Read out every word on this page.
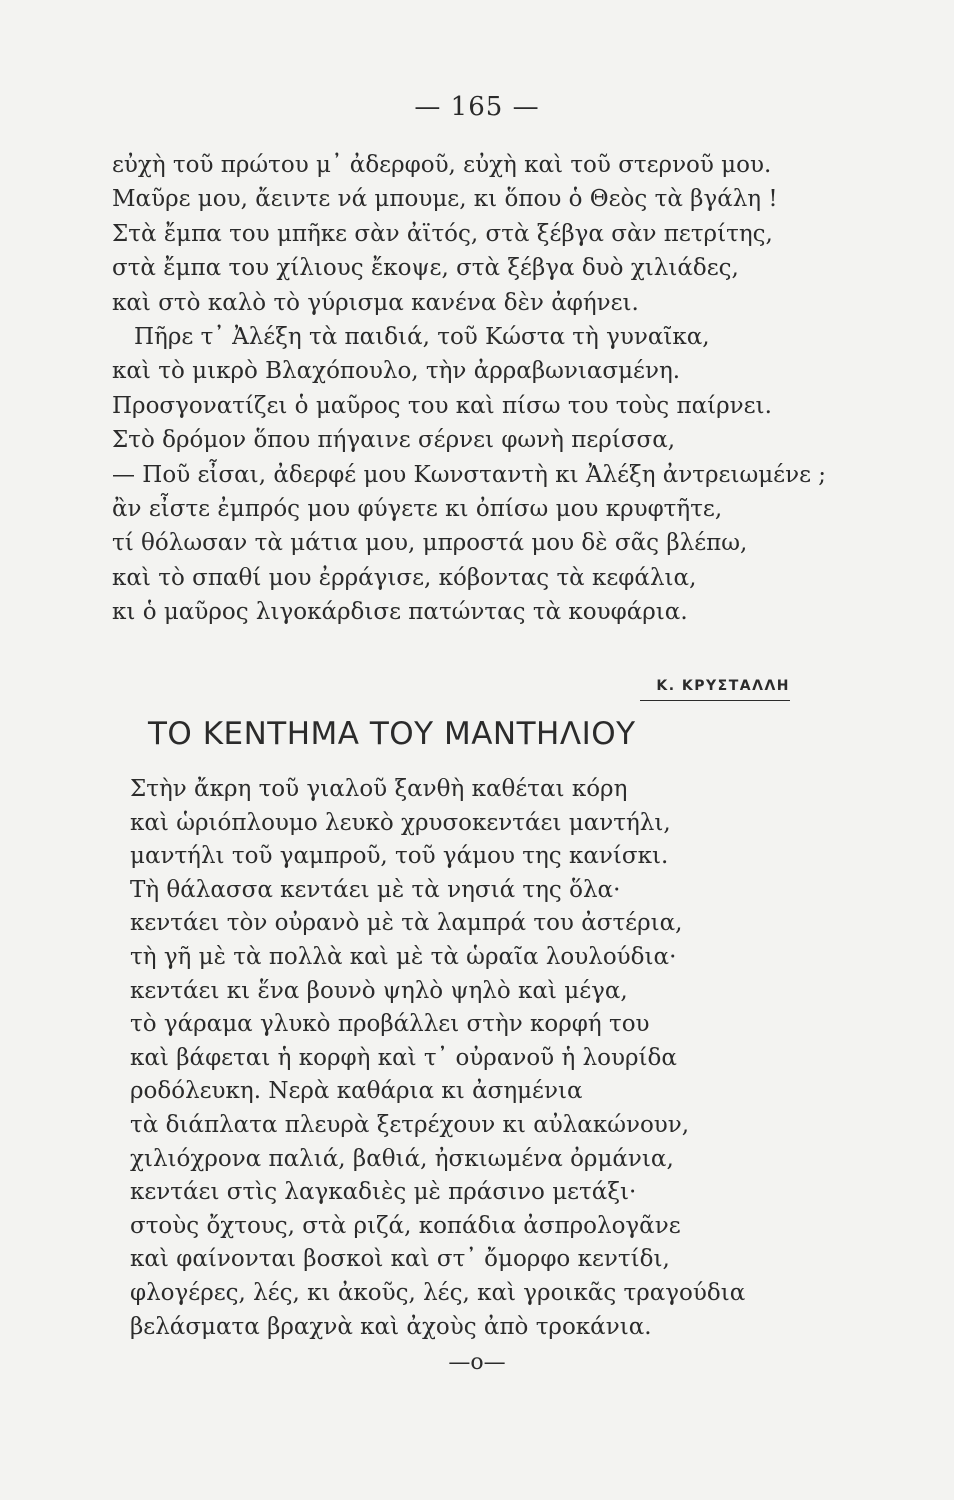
— 165 —
εὐχὴ τοῦ πρώτου μ᾽ ἀδερφοῦ, εὐχὴ καὶ τοῦ στερνοῦ μου.
Μαῦρε μου, ἄειντε νά μπουμε, κι ὅπου ὁ Θεὸς τὰ βγάλη !
Στὰ ἔμπα του μπῆκε σὰν ἀϊτός, στὰ ξέβγα σὰν πετρίτης,
στὰ ἔμπα του χίλιους ἔκοψε, στὰ ξέβγα δυὸ χιλιάδες,
καὶ στὸ καλὸ τὸ γύρισμα κανένα δὲν ἀφήνει.
Πῆρε τ᾽ Ἀλέξη τὰ παιδιά, τοῦ Κώστα τὴ γυναῖκα,
καὶ τὸ μικρὸ Βλαχόπουλο, τὴν ἀρραβωνιασμένη.
Προσγονατίζει ὁ μαῦρος του καὶ πίσω του τοὺς παίρνει.
Στὸ δρόμον ὅπου πήγαινε σέρνει φωνὴ περίσσα,
— Ποῦ εἶσαι, ἀδερφέ μου Κωνσταντὴ κι Ἀλέξη ἀντρειωμένε ;
ἂν εἶστε ἐμπρός μου φύγετε κι ὀπίσω μου κρυφτῆτε,
τί θόλωσαν τὰ μάτια μου, μπροστά μου δὲ σᾶς βλέπω,
καὶ τὸ σπαθί μου ἐρράγισε, κόβοντας τὰ κεφάλια,
κι ὁ μαῦρος λιγοκάρδισε πατώντας τὰ κουφάρια.
Κ. ΚΡΥΣΤΑΛΛΗ
ΤΟ ΚΕΝΤΗΜΑ ΤΟΥ ΜΑΝΤΗΛΙΟΥ
Στὴν ἄκρη τοῦ γιαλοῦ ξανθὴ καθέται κόρη
καὶ ὡριόπλουμο λευκὸ χρυσοκεντάει μαντήλι,
μαντήλι τοῦ γαμπροῦ, τοῦ γάμου της κανίσκι.
Τὴ θάλασσα κεντάει μὲ τὰ νησιά της ὅλα·
κεντάει τὸν οὐρανὸ μὲ τὰ λαμπρά του ἀστέρια,
τὴ γῆ μὲ τὰ πολλὰ καὶ μὲ τὰ ὡραῖα λουλούδια·
κεντάει κι ἕνα βουνὸ ψηλὸ ψηλὸ καὶ μέγα,
τὸ γάραμα γλυκὸ προβάλλει στὴν κορφή του
καὶ βάφεται ἡ κορφὴ καὶ τ᾽ οὐρανοῦ ἡ λουρίδα
ροδόλευκη. Νερὰ καθάρια κι ἀσημένια
τὰ διάπλατα πλευρὰ ξετρέχουν κι αὐλακώνουν,
χιλιόχρονα παλιά, βαθιά, ἠσκιωμένα ὀρμάνια,
κεντάει στὶς λαγκαδιὲς μὲ πράσινο μετάξι·
στοὺς ὄχτους, στὰ ριζά, κοπάδια ἀσπρολογᾶνε
καὶ φαίνονται βοσκοὶ καὶ στ᾽ ὄμορφο κεντίδι,
φλογέρες, λές, κι ἀκοῦς, λές, καὶ γροικᾶς τραγούδια
βελάσματα βραχνὰ καὶ ἀχοὺς ἀπὸ τροκάνια.
—o—
